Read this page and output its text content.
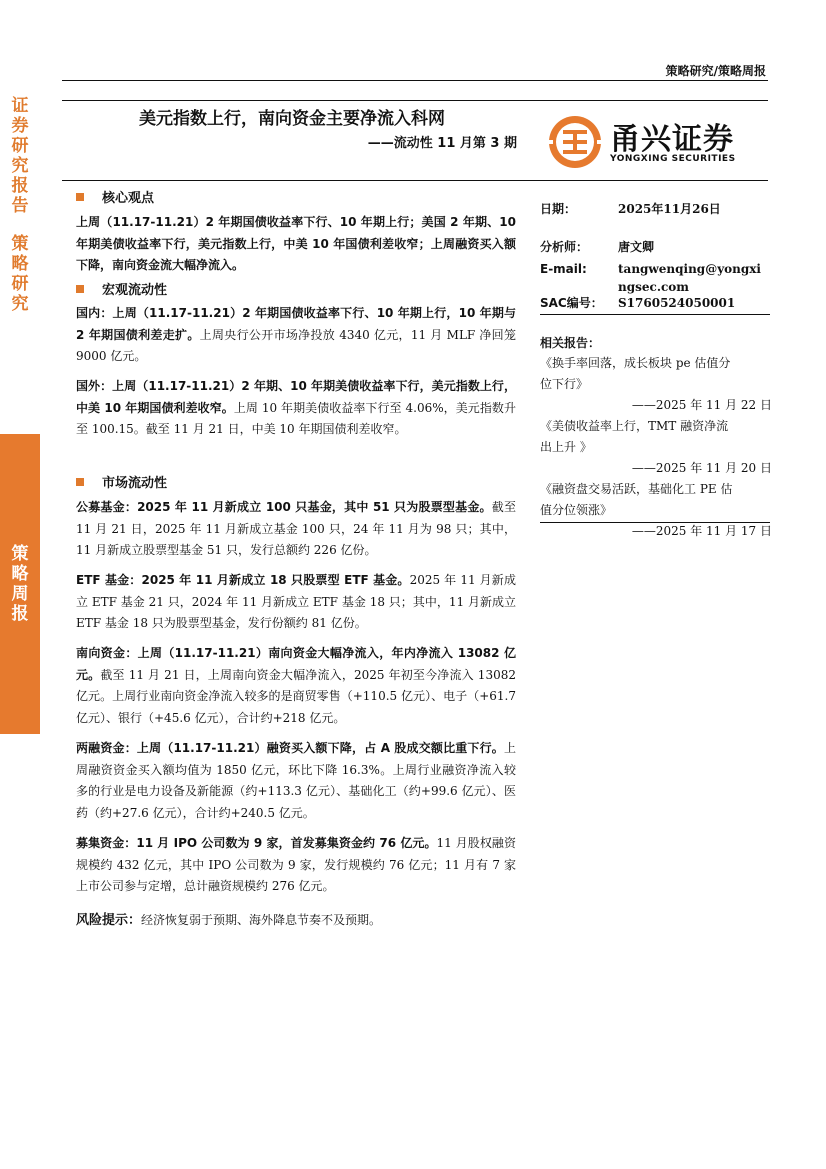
证
券
研
究
报
告
策
略
研
究
策
略
周
报
策略研究/策略周报
美元指数上行，南向资金主要净流入科网
——流动性 11 月第 3 期	甬兴证券
YONGXING SECURITIES
核心观点
上周（11.17-11.21）2 年期国债收益率下行、10 年期上行；美国 2 年期、10 年期美债收益率下行，美元指数上行，中美 10 年国债利差收窄；上周融资买入额下降，南向资金流大幅净流入。
宏观流动性
国内：上周（11.17-11.21）2 年期国债收益率下行、10 年期上行，10 年期与 2 年期国债利差走扩。上周央行公开市场净投放 4340 亿元，11 月 MLF 净回笼 9000 亿元。
国外：上周（11.17-11.21）2 年期、10 年期美债收益率下行，美元指数上行，中美 10 年期国债利差收窄。上周 10 年期美债收益率下行至 4.06%，美元指数升至 100.15。截至 11 月 21 日，中美 10 年期国债利差收窄。
市场流动性
公募基金：2025 年 11 月新成立 100 只基金，其中 51 只为股票型基金。截至 11 月 21 日，2025 年 11 月新成立基金 100 只，24 年 11 月为 98 只；其中，11 月新成立股票型基金 51 只，发行总额约 226 亿份。
ETF 基金：2025 年 11 月新成立 18 只股票型 ETF 基金。2025 年 11 月新成立 ETF 基金 21 只，2024 年 11 月新成立 ETF 基金 18 只；其中，11 月新成立 ETF 基金 18 只为股票型基金，发行份额约 81 亿份。
南向资金：上周（11.17-11.21）南向资金大幅净流入，年内净流入 13082 亿元。截至 11 月 21 日，上周南向资金大幅净流入，2025 年初至今净流入 13082 亿元。上周行业南向资金净流入较多的是商贸零售（+110.5 亿元）、电子（+61.7 亿元）、银行（+45.6 亿元），合计约+218 亿元。
两融资金：上周（11.17-11.21）融资买入额下降，占 A 股成交额比重下行。上周融资资金买入额均值为 1850 亿元，环比下降 16.3%。上周行业融资净流入较多的行业是电力设备及新能源（约+113.3 亿元）、基础化工（约+99.6 亿元）、医药（约+27.6 亿元），合计约+240.5 亿元。
募集资金：11 月 IPO 公司数为 9 家，首发募集资金约 76 亿元。11 月股权融资规模约 432 亿元，其中 IPO 公司数为 9 家，发行规模约 76 亿元；11 月有 7 家上市公司参与定增，总计融资规模约 276 亿元。
风险提示：经济恢复弱于预期、海外降息节奏不及预期。
日期：	2025年11月26日
分析师： 唐文卿
E-mail:	tangwenqing@yongxi
ngsec.com
SAC编号： S1760524050001
相关报告：
《换手率回落，成长板块 pe 估值分
位下行》
——2025 年 11 月 22 日
《美债收益率上行，TMT 融资净流
出上升 》
——2025 年 11 月 20 日
《融资盘交易活跃，基础化工 PE 估
值分位领涨》
——2025 年 11 月 17 日
